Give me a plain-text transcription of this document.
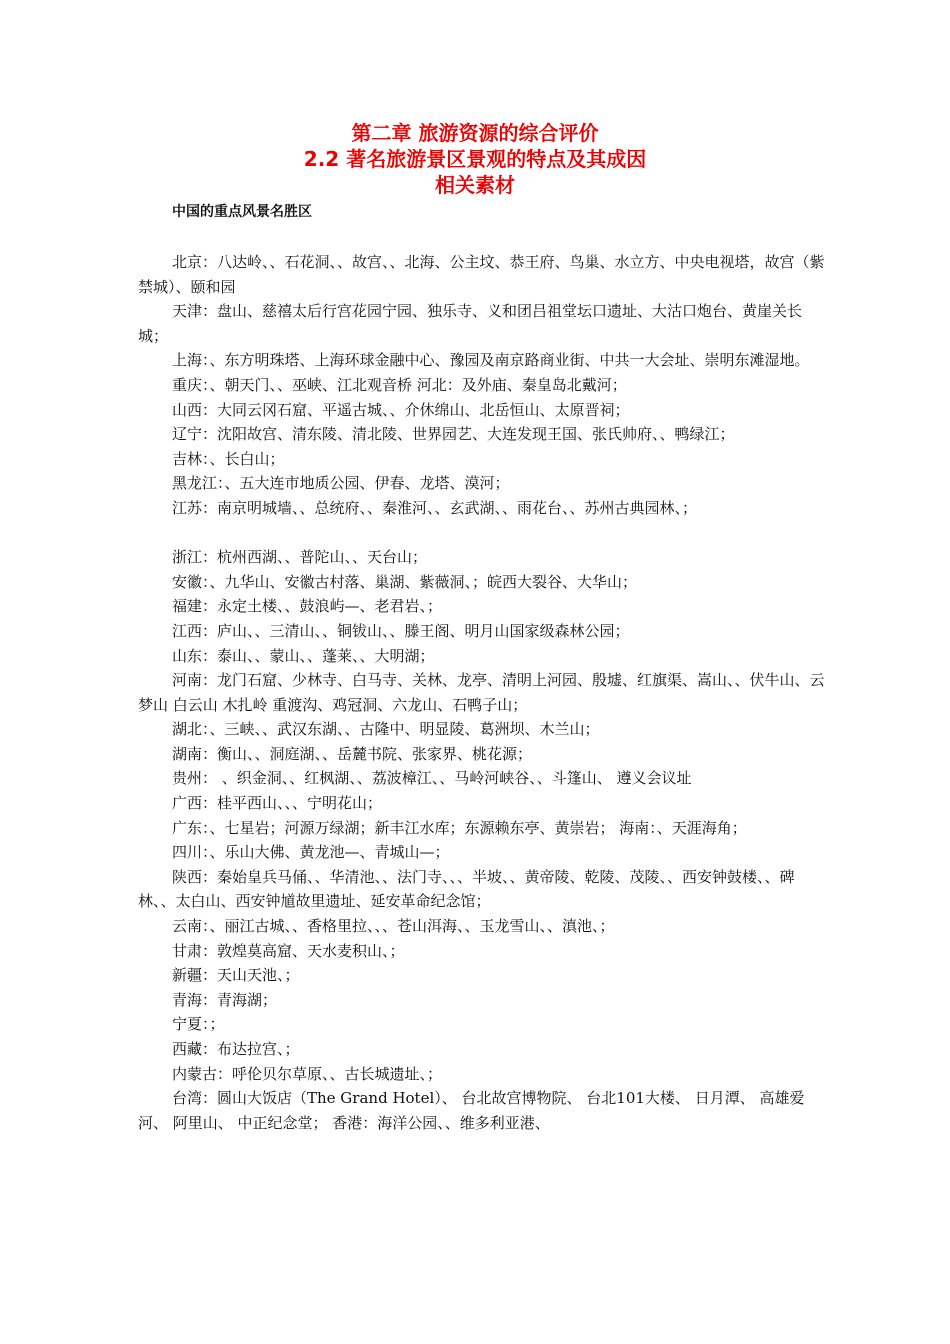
第二章 旅游资源的综合评价
2.2 著名旅游景区景观的特点及其成因
相关素材
中国的重点风景名胜区

北京：八达岭、、石花洞、、故宫、、北海、公主坟、恭王府、鸟巢、水立方、中央电视塔，故宫（紫禁城）、颐和园

天津：盘山、慈禧太后行宫花园宁园、独乐寺、义和团吕祖堂坛口遗址、大沽口炮台、黄崖关长城；

上海：、东方明珠塔、上海环球金融中心、豫园及南京路商业街、中共一大会址、崇明东滩湿地。

重庆：、朝天门、、巫峡、江北观音桥 河北：及外庙、秦皇岛北戴河；

山西：大同云冈石窟、平遥古城、、介休绵山、北岳恒山、太原晋祠；

辽宁：沈阳故宫、清东陵、清北陵、世界园艺、大连发现王国、张氏帅府、、鸭绿江；

吉林：、长白山；

黑龙江：、五大连市地质公园、伊春、龙塔、漠河；

江苏：南京明城墙、、总统府、、秦淮河、、玄武湖、、雨花台、、苏州古典园林、；

浙江：杭州西湖、、普陀山、、天台山；

安徽：、九华山、安徽古村落、巢湖、紫薇洞、；皖西大裂谷、大华山；

福建：永定土楼、、鼓浪屿—、老君岩、；

江西：庐山、、三清山、、铜钹山、、滕王阁、明月山国家级森林公园；

山东：泰山、、蒙山、、蓬莱、、大明湖；

河南：龙门石窟、少林寺、白马寺、关林、龙亭、清明上河园、殷墟、红旗渠、嵩山、、伏牛山、云梦山 白云山 木扎岭 重渡沟、鸡冠洞、六龙山、石鸭子山；

湖北：、三峡、、武汉东湖、、古隆中、明显陵、葛洲坝、木兰山；

湖南：衡山、、洞庭湖、、岳麓书院、张家界、桃花源；

贵州： 、织金洞、、红枫湖、、荔波樟江、、马岭河峡谷、、斗篷山、 遵义会议址

广西：桂平西山、、、宁明花山；

广东：、七星岩；河源万绿湖；新丰江水库；东源赖东亭、黄崇岩； 海南：、天涯海角；

四川：、乐山大佛、黄龙池—、青城山—；

陕西：秦始皇兵马俑、、华清池、、法门寺、、、半坡、、黄帝陵、乾陵、茂陵、、西安钟鼓楼、、碑林、、太白山、西安钟馗故里遗址、延安革命纪念馆；

云南：、丽江古城、、香格里拉、、、苍山洱海、、玉龙雪山、、滇池、；

甘肃：敦煌莫高窟、天水麦积山、；

新疆：天山天池、；

青海：青海湖；

宁夏：；

西藏：布达拉宫、；

内蒙古：呼伦贝尔草原、、古长城遗址、；

台湾：圆山大饭店（The Grand Hotel）、 台北故宫博物院、 台北101大楼、 日月潭、 高雄爱河、 阿里山、 中正纪念堂； 香港：海洋公园、、维多利亚港、
